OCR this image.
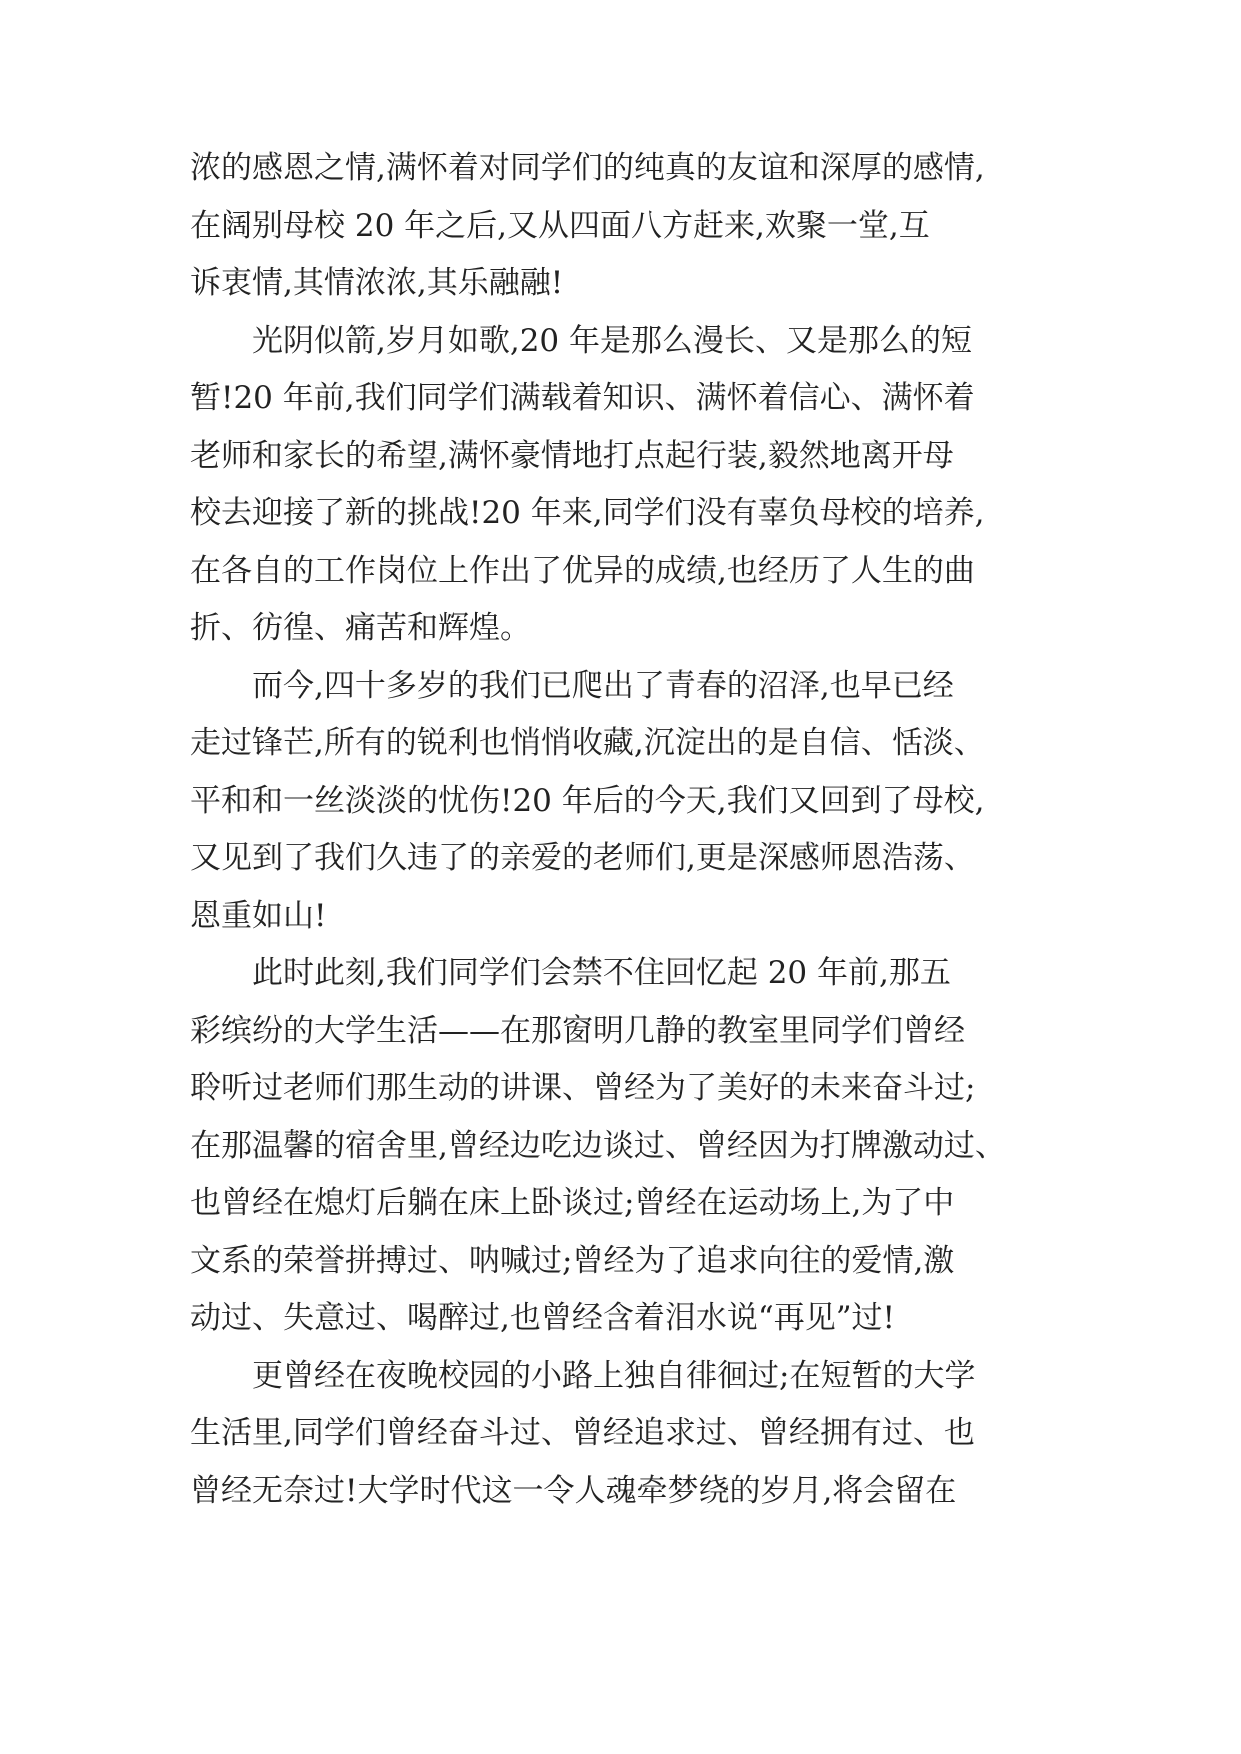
浓的感恩之情,满怀着对同学们的纯真的友谊和深厚的感情,
在阔别母校 20 年之后,又从四面八方赶来,欢聚一堂,互
诉衷情,其情浓浓,其乐融融!
光阴似箭,岁月如歌,20 年是那么漫长、又是那么的短
暂!20 年前,我们同学们满载着知识、满怀着信心、满怀着
老师和家长的希望,满怀豪情地打点起行装,毅然地离开母
校去迎接了新的挑战!20 年来,同学们没有辜负母校的培养,
在各自的工作岗位上作出了优异的成绩,也经历了人生的曲
折、彷徨、痛苦和辉煌。
而今,四十多岁的我们已爬出了青春的沼泽,也早已经
走过锋芒,所有的锐利也悄悄收藏,沉淀出的是自信、恬淡、
平和和一丝淡淡的忧伤!20 年后的今天,我们又回到了母校,
又见到了我们久违了的亲爱的老师们,更是深感师恩浩荡、
恩重如山!
此时此刻,我们同学们会禁不住回忆起 20 年前,那五
彩缤纷的大学生活——在那窗明几静的教室里同学们曾经
聆听过老师们那生动的讲课、曾经为了美好的未来奋斗过;
在那温馨的宿舍里,曾经边吃边谈过、曾经因为打牌激动过、
也曾经在熄灯后躺在床上卧谈过;曾经在运动场上,为了中
文系的荣誉拼搏过、呐喊过;曾经为了追求向往的爱情,激
动过、失意过、喝醉过,也曾经含着泪水说“再见”过!
更曾经在夜晚校园的小路上独自徘徊过;在短暂的大学
生活里,同学们曾经奋斗过、曾经追求过、曾经拥有过、也
曾经无奈过!大学时代这一令人魂牵梦绕的岁月,将会留在
